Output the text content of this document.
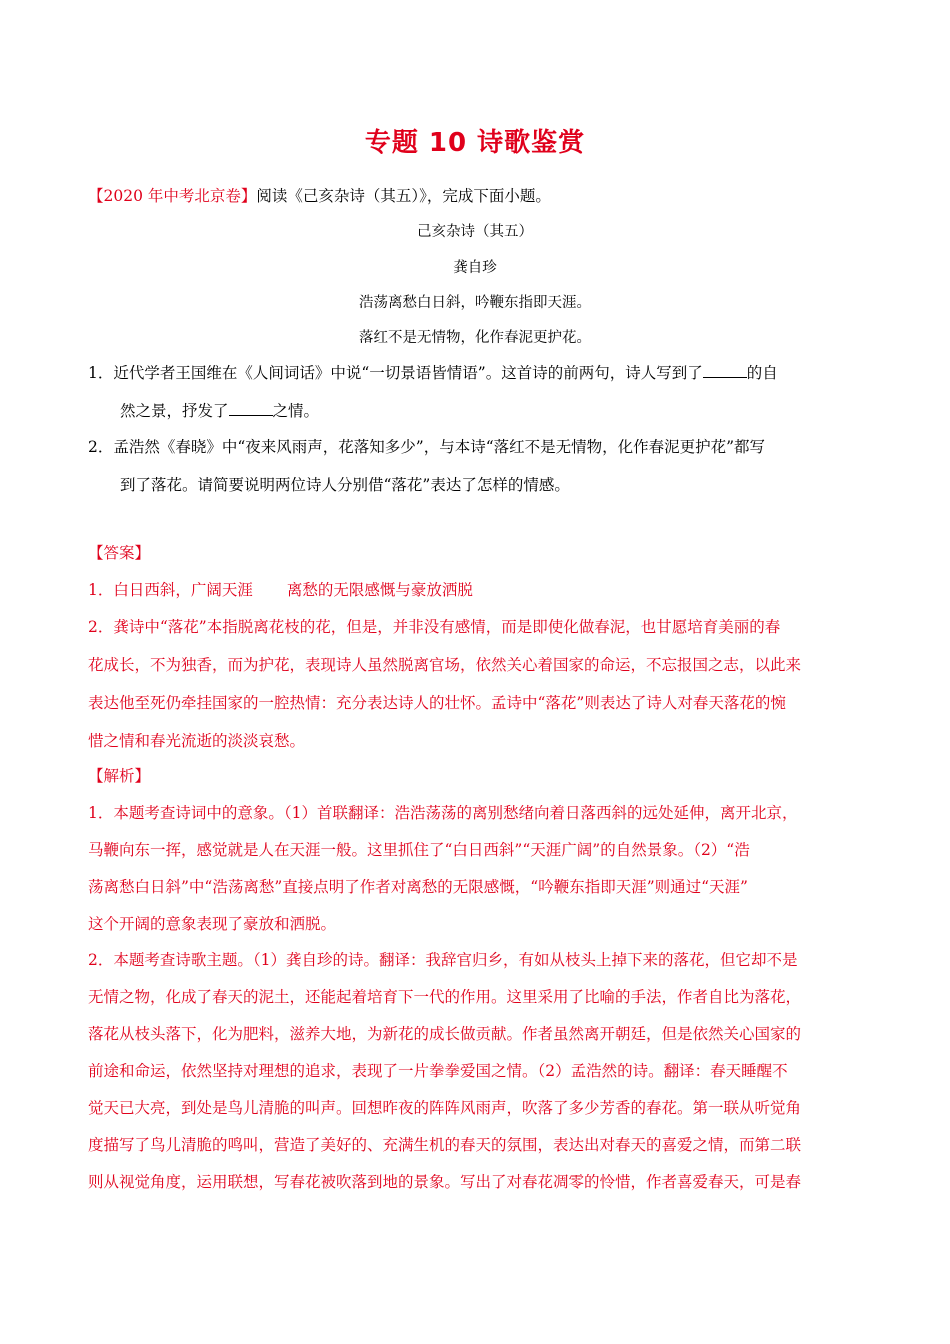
专题 10 诗歌鉴赏
【2020 年中考北京卷】阅读《己亥杂诗（其五）》，完成下面小题。
己亥杂诗（其五）
龚自珍
浩荡离愁白日斜，吟鞭东指即天涯。
落红不是无情物，化作春泥更护花。
1．近代学者王国维在《人间词话》中说“一切景语皆情语”。这首诗的前两句，诗人写到了	的自
然之景，抒发了	之情。
2．孟浩然《春晓》中“夜来风雨声，花落知多少”，与本诗“落红不是无情物，化作春泥更护花”都写
到了落花。请简要说明两位诗人分别借“落花”表达了怎样的情感。
【答案】
1．白日西斜，广阔天涯 离愁的无限感慨与豪放洒脱
2．龚诗中“落花”本指脱离花枝的花，但是，并非没有感情，而是即使化做春泥，也甘愿培育美丽的春
花成长，不为独香，而为护花，表现诗人虽然脱离官场，依然关心着国家的命运，不忘报国之志，以此来
表达他至死仍牵挂国家的一腔热情：充分表达诗人的壮怀。孟诗中“落花”则表达了诗人对春天落花的惋
惜之情和春光流逝的淡淡哀愁。
【解析】
1．本题考查诗词中的意象。（1）首联翻译：浩浩荡荡的离别愁绪向着日落西斜的远处延伸，离开北京，
马鞭向东一挥，感觉就是人在天涯一般。这里抓住了“白日西斜”“天涯广阔”的自然景象。（2）“浩
荡离愁白日斜”中“浩荡离愁”直接点明了作者对离愁的无限感慨，“吟鞭东指即天涯”则通过“天涯”
这个开阔的意象表现了豪放和洒脱。
2．本题考查诗歌主题。（1）龚自珍的诗。翻译：我辞官归乡，有如从枝头上掉下来的落花，但它却不是
无情之物，化成了春天的泥土，还能起着培育下一代的作用。这里采用了比喻的手法，作者自比为落花，
落花从枝头落下，化为肥料，滋养大地，为新花的成长做贡献。作者虽然离开朝廷，但是依然关心国家的
前途和命运，依然坚持对理想的追求，表现了一片拳拳爱国之情。（2）孟浩然的诗。翻译：春天睡醒不
觉天已大亮，到处是鸟儿清脆的叫声。回想昨夜的阵阵风雨声，吹落了多少芳香的春花。第一联从听觉角
度描写了鸟儿清脆的鸣叫，营造了美好的、充满生机的春天的氛围，表达出对春天的喜爱之情，而第二联
则从视觉角度，运用联想，写春花被吹落到地的景象。写出了对春花凋零的怜惜，作者喜爱春天，可是春
